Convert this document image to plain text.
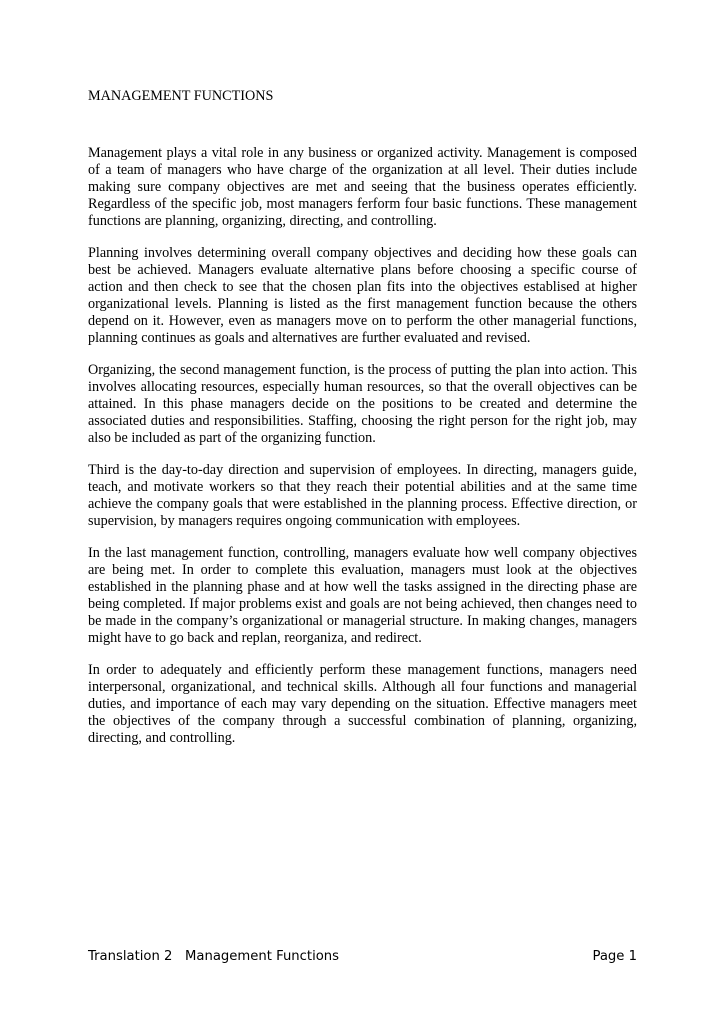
MANAGEMENT FUNCTIONS

Management plays a vital role in any business or organized activity. Management is composed of a team of managers who have charge of the organization at all level. Their duties include making sure company objectives are met and seeing that the business operates efficiently. Regardless of the specific job, most managers ferform four basic functions. These management functions are planning, organizing, directing, and controlling.

Planning involves determining overall company objectives and deciding how these goals can best be achieved. Managers evaluate alternative plans before choosing a specific course of action and then check to see that the chosen plan fits into the objectives establised at higher organizational levels. Planning is listed as the first management function because the others depend on it. However, even as managers move on to perform the other managerial functions, planning continues as goals and alternatives are further evaluated and revised.

Organizing, the second management function, is the process of putting the plan into action. This involves allocating resources, especially human resources, so that the overall objectives can be attained. In this phase managers decide on the positions to be created and determine the associated duties and responsibilities. Staffing, choosing the right person for the right job, may also be included as part of the organizing function.

Third is the day-to-day direction and supervision of employees. In directing, managers guide, teach, and motivate workers so that they reach their potential abilities and at the same time achieve the company goals that were established in the planning process. Effective direction, or supervision, by managers requires ongoing communication with employees.

In the last management function, controlling, managers evaluate how well company objectives are being met. In order to complete this evaluation, managers must look at the objectives established in the planning phase and at how well the tasks assigned in the directing phase are being completed. If major problems exist and goals are not being achieved, then changes need to be made in the company’s organizational or managerial structure. In making changes, managers might have to go back and replan, reorganiza, and redirect.

In order to adequately and efficiently perform these management functions, managers need interpersonal, organizational, and technical skills. Although all four functions and managerial duties, and importance of each may vary depending on the situation. Effective managers meet the objectives of the company through a successful combination of planning, organizing, directing, and controlling.

Translation 2   Management Functions	Page 1
